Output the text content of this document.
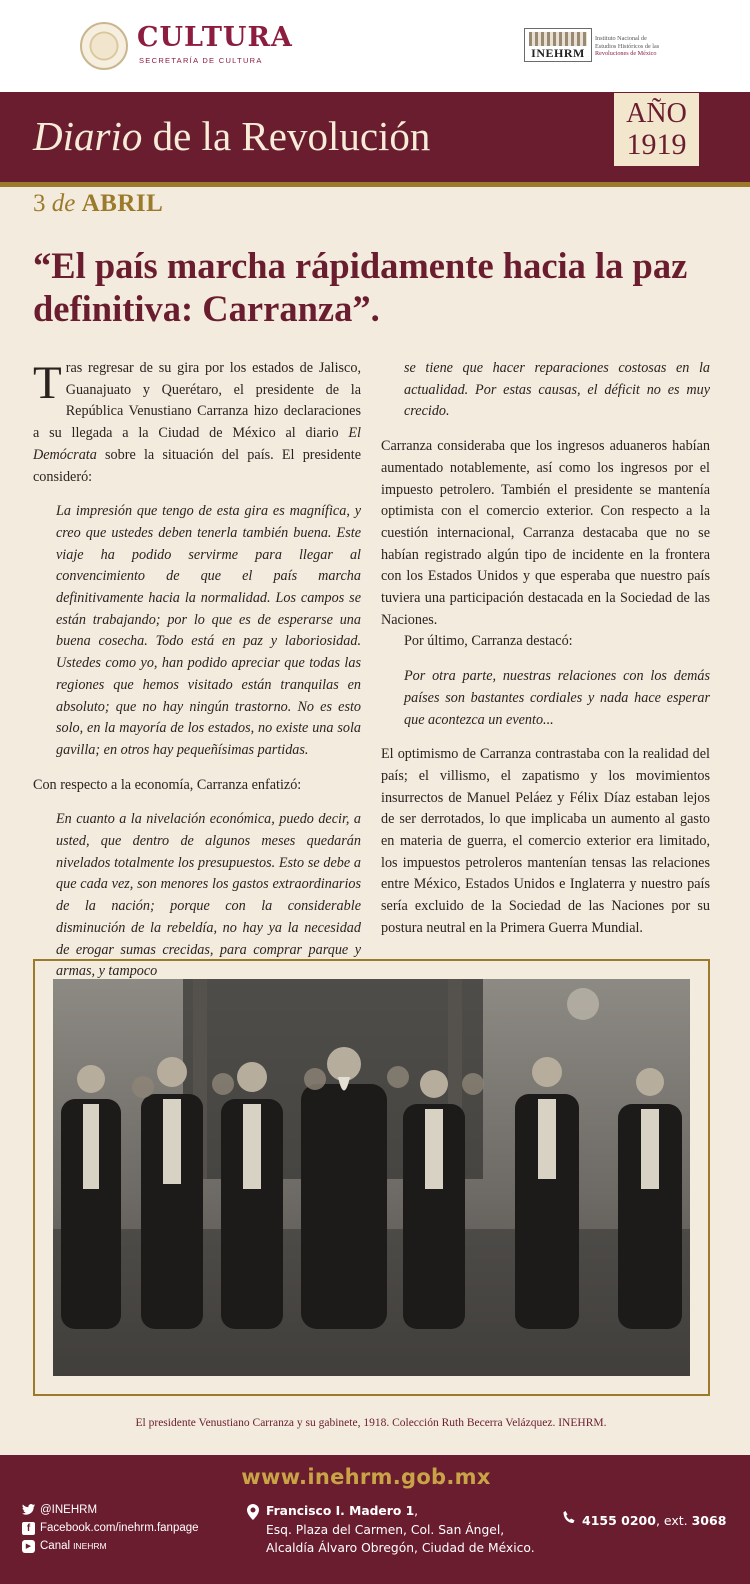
CULTURA
SECRETARÍA DE CULTURA
INEHRM
Instituto Nacional de
Estudios Históricos de las
Revoluciones de México
Diario de la Revolución	AÑO
1919
3 de ABRIL
“El país marcha rápidamente hacia la paz definitiva: Carranza”.

Tras regresar de su gira por los estados de Jalisco, Guanajuato y Querétaro, el presidente de la República Venustiano Carranza hizo declaraciones a su llegada a la Ciudad de México al diario El Demócrata sobre la situación del país. El presidente consideró:

La impresión que tengo de esta gira es magnífica, y creo que ustedes deben tenerla también buena. Este viaje ha podido servirme para llegar al convencimiento de que el país marcha definitivamente hacia la normalidad. Los campos se están trabajando; por lo que es de esperarse una buena cosecha. Todo está en paz y laboriosidad. Ustedes como yo, han podido apreciar que todas las regiones que hemos visitado están tranquilas en absoluto; que no hay ningún trastorno. No es esto solo, en la mayoría de los estados, no existe una sola gavilla; en otros hay pequeñísimas partidas.

Con respecto a la economía, Carranza enfatizó:

En cuanto a la nivelación económica, puedo decir, a usted, que dentro de algunos meses quedarán nivelados totalmente los presupuestos. Esto se debe a que cada vez, son menores los gastos extraordinarios de la nación; porque con la considerable disminución de la rebeldía, no hay ya la necesidad de erogar sumas crecidas, para comprar parque y armas, y tampoco

se tiene que hacer reparaciones costosas en la actualidad. Por estas causas, el déficit no es muy crecido.

Carranza consideraba que los ingresos aduaneros habían aumentado notablemente, así como los ingresos por el impuesto petrolero. También el presidente se mantenía optimista con el comercio exterior. Con respecto a la cuestión internacional, Carranza destacaba que no se habían registrado algún tipo de incidente en la frontera con los Estados Unidos y que esperaba que nuestro país tuviera una participación destacada en la Sociedad de las Naciones.

Por último, Carranza destacó:

Por otra parte, nuestras relaciones con los demás países son bastantes cordiales y nada hace esperar que acontezca un evento...

El optimismo de Carranza contrastaba con la realidad del país; el villismo, el zapatismo y los movimientos insurrectos de Manuel Peláez y Félix Díaz estaban lejos de ser derrotados, lo que implicaba un aumento al gasto en materia de guerra, el comercio exterior era limitado, los impuestos petroleros mantenían tensas las relaciones entre México, Estados Unidos e Inglaterra y nuestro país sería excluido de la Sociedad de las Naciones por su postura neutral en la Primera Guerra Mundial.

El presidente Venustiano Carranza y su gabinete, 1918. Colección Ruth Becerra Velázquez. INEHRM.
www.inehrm.gob.mx
@INEHRM
f Facebook.com/inehrm.fanpage
▶ Canal INEHRM
Francisco I. Madero 1,
Esq. Plaza del Carmen, Col. San Ángel,
Alcaldía Álvaro Obregón, Ciudad de México.
4155 0200, ext. 3068
